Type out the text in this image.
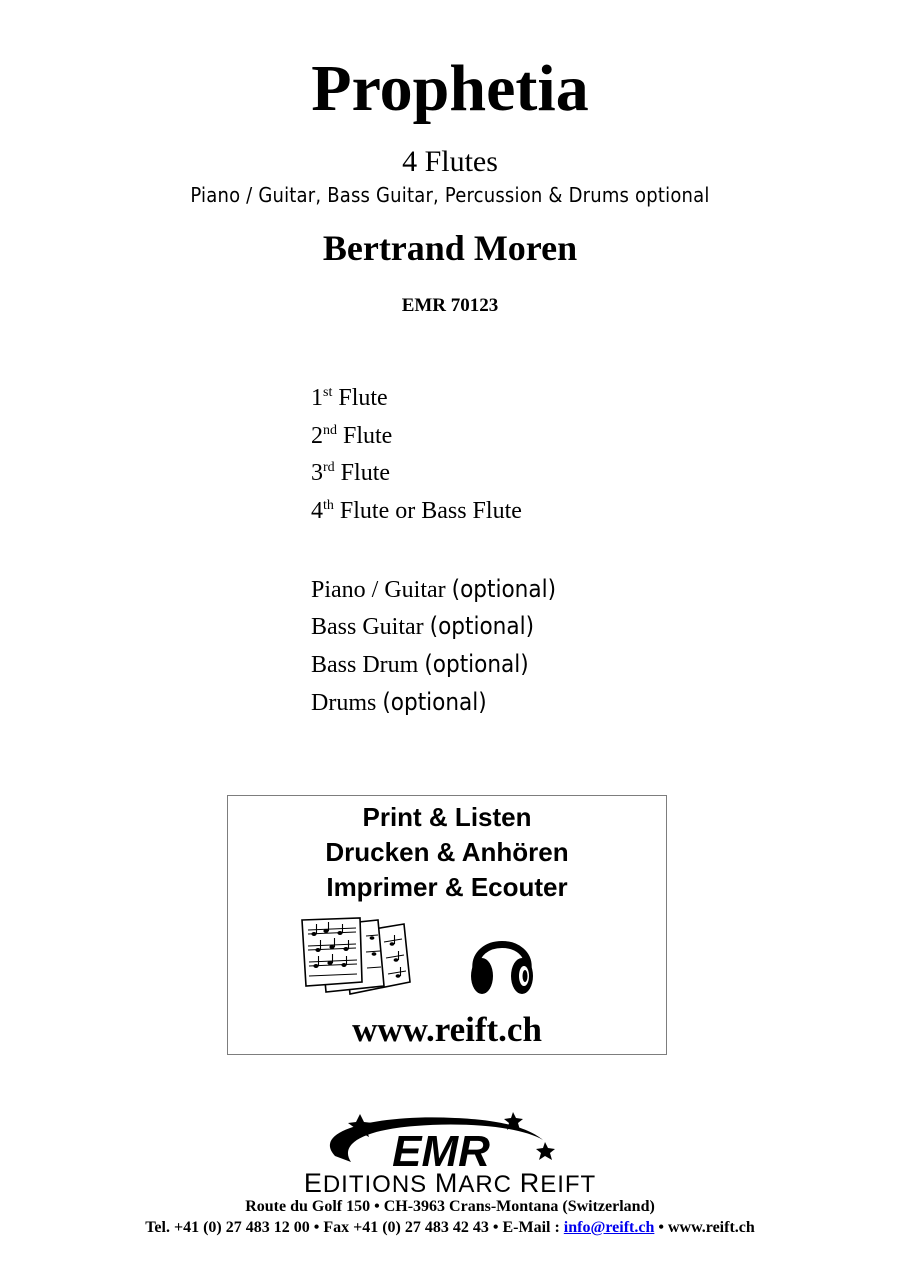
Prophetia
4 Flutes
Piano / Guitar, Bass Guitar, Percussion & Drums optional
Bertrand Moren
EMR 70123
1st Flute
2nd Flute
3rd Flute
4th Flute or Bass Flute
Piano / Guitar (optional)
Bass Guitar (optional)
Bass Drum (optional)
Drums (optional)
Print & Listen
Drucken & Anhören
Imprimer & Ecouter
www.reift.ch
EMR
EDITIONS MARC REIFT
Route du Golf 150 • CH-3963 Crans-Montana (Switzerland)
Tel. +41 (0) 27 483 12 00 • Fax +41 (0) 27 483 42 43 • E-Mail : info@reift.ch • www.reift.ch
